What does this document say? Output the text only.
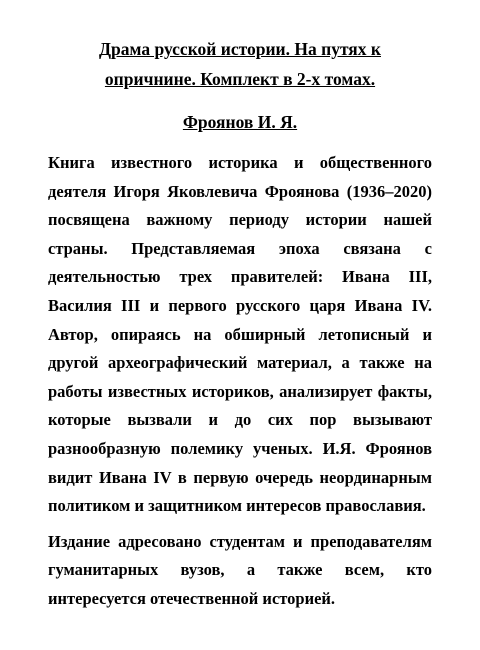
Драма русской истории. На путях к
опричнине. Комплект в 2-х томах.
Фроянов И. Я.

Книга известного историка и общественного деятеля Игоря Яковлевича Фроянова (1936–2020) посвящена важному периоду истории нашей страны. Представляемая эпоха связана с деятельностью трех правителей: Ивана III, Василия III и первого русского царя Ивана IV. Автор, опираясь на обширный летописный и другой археографический материал, а также на работы известных историков, анализирует факты, которые вызвали и до сих пор вызывают разнообразную полемику ученых. И.Я. Фроянов видит Ивана IV в первую очередь неординарным политиком и защитником интересов православия.

Издание адресовано студентам и преподавателям гуманитарных вузов, а также всем, кто интересуется отечественной историей.
